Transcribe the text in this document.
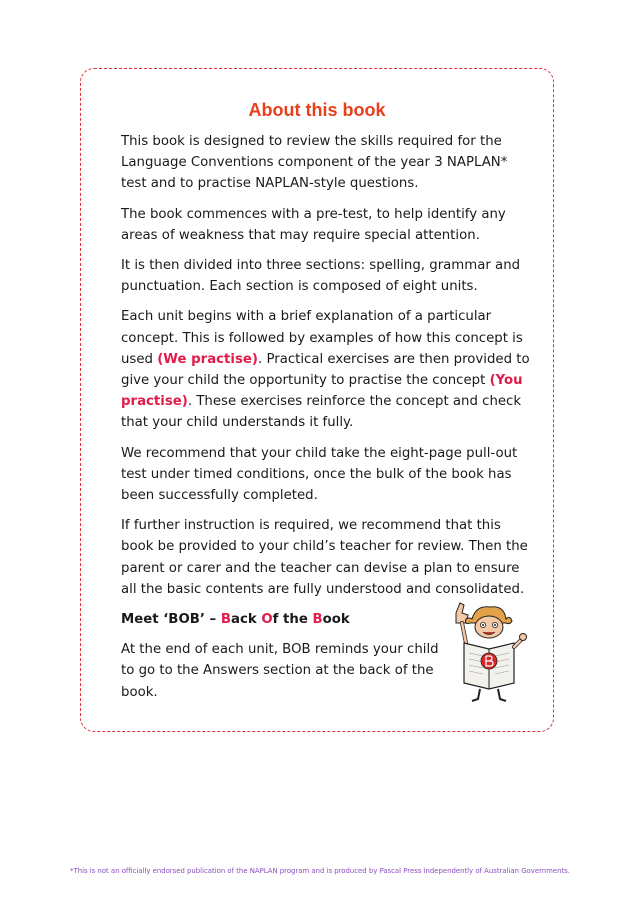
About this book

This book is designed to review the skills required for the Language Conventions component of the year 3 NAPLAN* test and to practise NAPLAN-style questions.

The book commences with a pre-test, to help identify any areas of weakness that may require special attention.

It is then divided into three sections: spelling, grammar and punctuation. Each section is composed of eight units.

Each unit begins with a brief explanation of a particular concept. This is followed by examples of how this concept is used (We practise). Practical exercises are then provided to give your child the opportunity to practise the concept (You practise). These exercises reinforce the concept and check that your child understands it fully.

We recommend that your child take the eight-page pull-out test under timed conditions, once the bulk of the book has been successfully completed.

If further instruction is required, we recommend that this book be provided to your child’s teacher for review. Then the parent or carer and the teacher can devise a plan to ensure all the basic contents are fully understood and consolidated.

Meet ‘BOB’ – Back Of the Book

At the end of each unit, BOB reminds your child to go to the Answers section at the back of the book.

*This is not an officially endorsed publication of the NAPLAN program and is produced by Pascal Press independently of Australian Governments.
